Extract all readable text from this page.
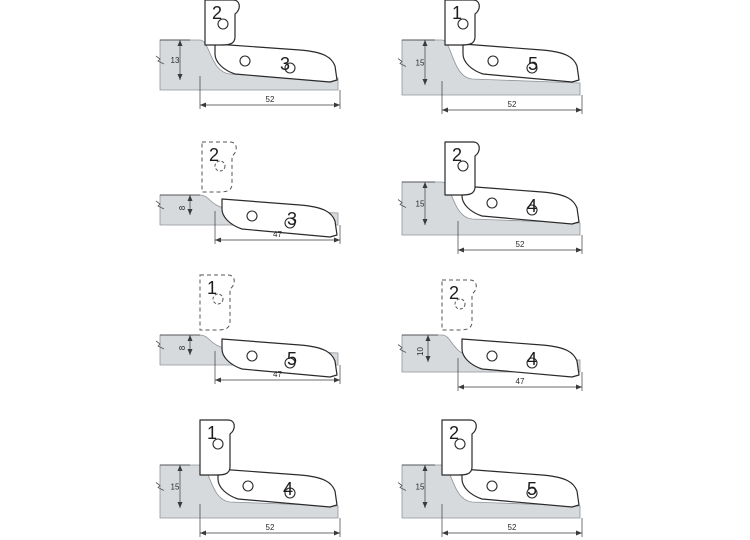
3
2
13
52
5
1
15
52
3
2
8
47
4
2
15
52
5
1
8
47
4
2
10
47
4
1
15
52
5
2
15
52
